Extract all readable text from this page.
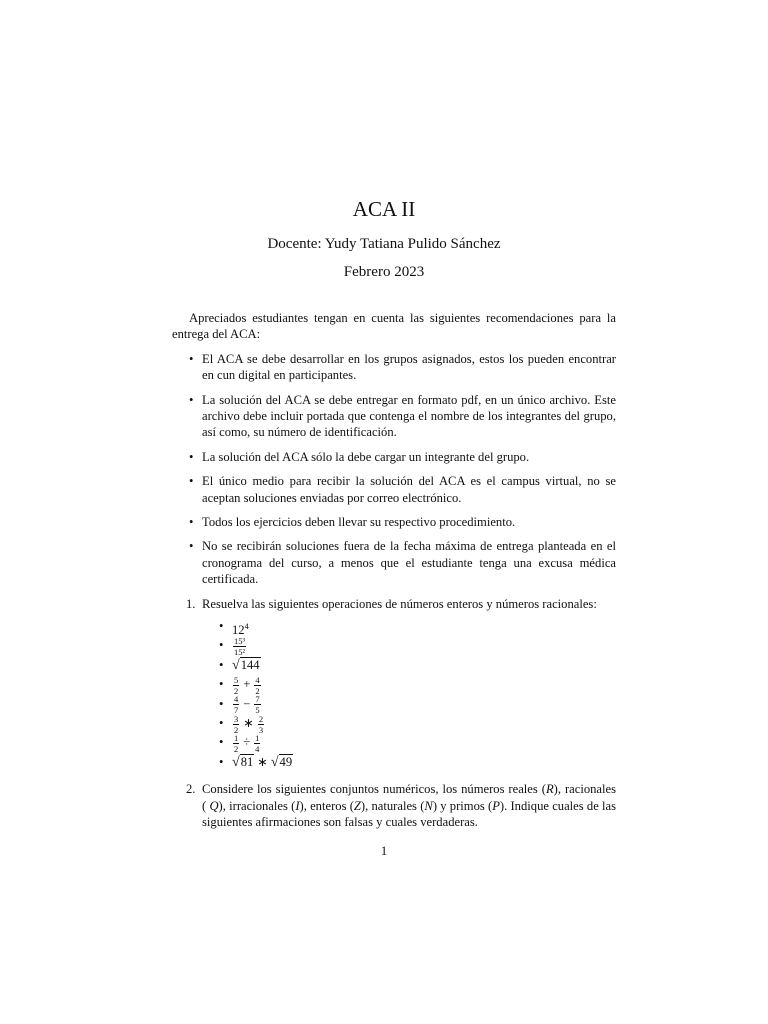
ACA II
Docente: Yudy Tatiana Pulido Sánchez
Febrero 2023

Apreciados estudiantes tengan en cuenta las siguientes recomendaciones para la entrega del ACA:

• El ACA se debe desarrollar en los grupos asignados, estos los pueden encontrar en cun digital en participantes.
• La solución del ACA se debe entregar en formato pdf, en un único archivo. Este archivo debe incluir portada que contenga el nombre de los integrantes del grupo, así como, su número de identificación.
• La solución del ACA sólo la debe cargar un integrante del grupo.
• El único medio para recibir la solución del ACA es el campus virtual, no se aceptan soluciones enviadas por correo electrónico.
• Todos los ejercicios deben llevar su respectivo procedimiento.
• No se recibirán soluciones fuera de la fecha máxima de entrega planteada en el cronograma del curso, a menos que el estudiante tenga una excusa médica certificada.
1. Resuelva las siguientes operaciones de números enteros y números racionales:
• $12^4$
• $\frac{\text{15³}}{\text{15²}}$
• √144
• $\frac{5}{2} + \frac{4}{2}$
• $\frac{4}{7} - \frac{7}{5}$
• $\frac{3}{2}$ ∗ $\frac{2}{3}$
• $\frac{1}{2} \div \frac{1}{4}$
• √81 ∗ √49
2. Considere los siguientes conjuntos numéricos, los números reales (R), racionales ( Q), irracionales (I), enteros (Z), naturales (N) y primos (P). Indique cuales de las siguientes afirmaciones son falsas y cuales verdaderas.
1
